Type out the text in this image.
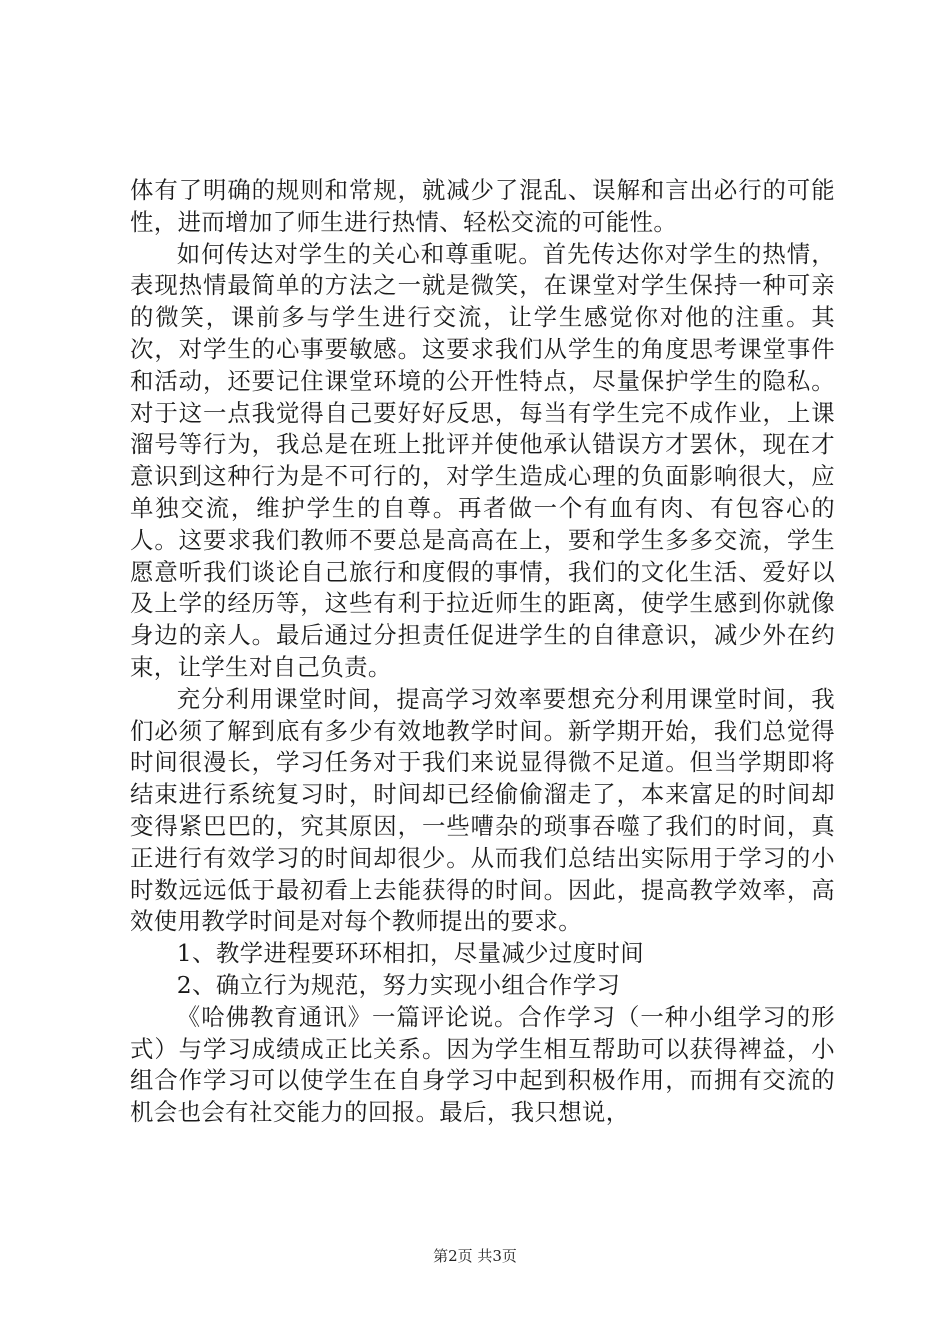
体有了明确的规则和常规，就减少了混乱、误解和言出必行的可能性，进而增加了师生进行热情、轻松交流的可能性。

如何传达对学生的关心和尊重呢。首先传达你对学生的热情，表现热情最简单的方法之一就是微笑，在课堂对学生保持一种可亲的微笑，课前多与学生进行交流，让学生感觉你对他的注重。其次，对学生的心事要敏感。这要求我们从学生的角度思考课堂事件和活动，还要记住课堂环境的公开性特点，尽量保护学生的隐私。对于这一点我觉得自己要好好反思，每当有学生完不成作业，上课溜号等行为，我总是在班上批评并使他承认错误方才罢休，现在才意识到这种行为是不可行的，对学生造成心理的负面影响很大，应单独交流，维护学生的自尊。再者做一个有血有肉、有包容心的人。这要求我们教师不要总是高高在上，要和学生多多交流，学生愿意听我们谈论自己旅行和度假的事情，我们的文化生活、爱好以及上学的经历等，这些有利于拉近师生的距离，使学生感到你就像身边的亲人。最后通过分担责任促进学生的自律意识，减少外在约束，让学生对自己负责。

充分利用课堂时间，提高学习效率要想充分利用课堂时间，我们必须了解到底有多少有效地教学时间。新学期开始，我们总觉得时间很漫长，学习任务对于我们来说显得微不足道。但当学期即将结束进行系统复习时，时间却已经偷偷溜走了，本来富足的时间却变得紧巴巴的，究其原因，一些嘈杂的琐事吞噬了我们的时间，真正进行有效学习的时间却很少。从而我们总结出实际用于学习的小时数远远低于最初看上去能获得的时间。因此，提高教学效率，高效使用教学时间是对每个教师提出的要求。

1、教学进程要环环相扣，尽量减少过度时间

2、确立行为规范，努力实现小组合作学习

《哈佛教育通讯》一篇评论说。合作学习（一种小组学习的形式）与学习成绩成正比关系。因为学生相互帮助可以获得裨益，小组合作学习可以使学生在自身学习中起到积极作用，而拥有交流的机会也会有社交能力的回报。最后，我只想说，

第2页 共3页
